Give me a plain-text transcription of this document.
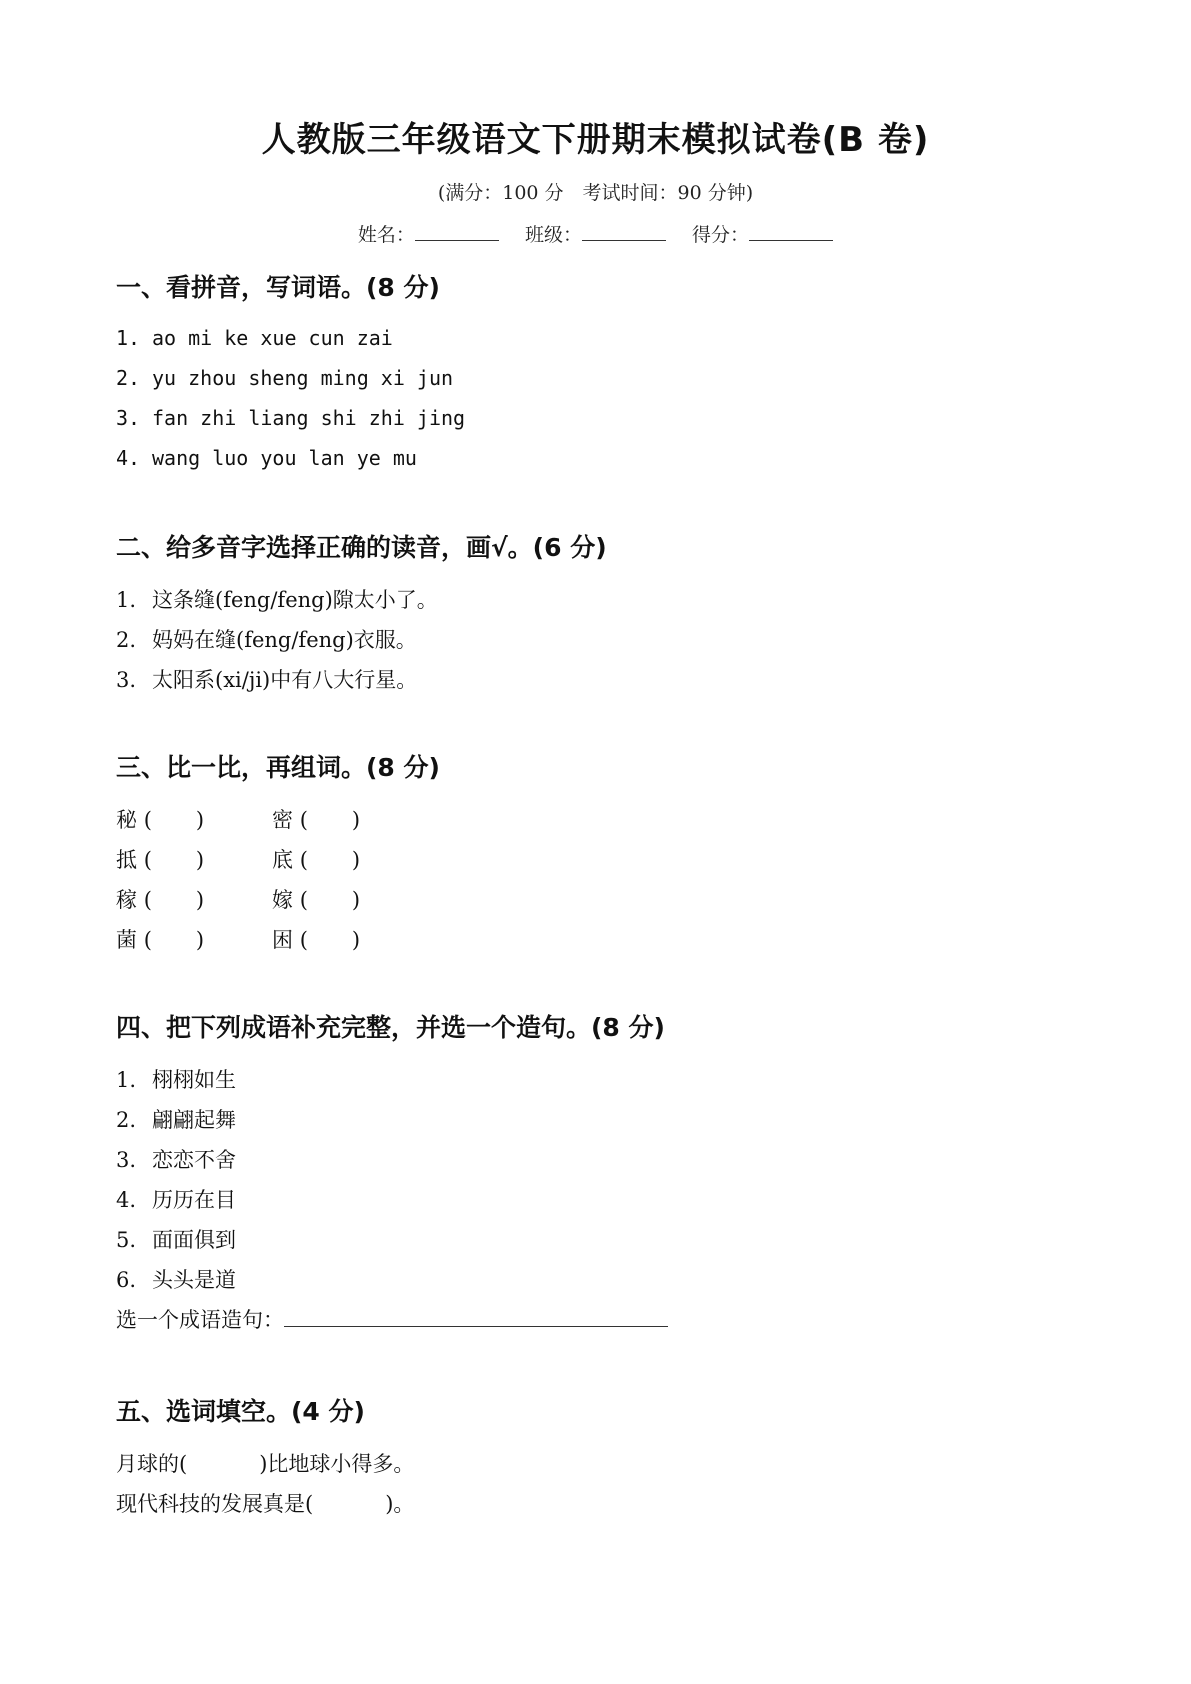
人教版三年级语文下册期末模拟试卷(B 卷)
(满分：100 分　考试时间：90 分钟)
姓名：	班级：	得分：
一、看拼音，写词语。(8 分)
1. ao mi ke xue cun zai
2. yu zhou sheng ming xi jun
3. fan zhi liang shi zhi jing
4. wang luo you lan ye mu
二、给多音字选择正确的读音，画√。(6 分)
1. 这条缝(feng/feng)隙太小了。
2. 妈妈在缝(feng/feng)衣服。
3. 太阳系(xi/ji)中有八大行星。
三、比一比，再组词。(8 分)
秘 ( )	密 ( )
抵 ( )	底 ( )
稼 ( )	嫁 ( )
菌 ( )	困 ( )
四、把下列成语补充完整，并选一个造句。(8 分)
1. 栩栩如生
2. 翩翩起舞
3. 恋恋不舍
4. 历历在目
5. 面面俱到
6. 头头是道
选一个成语造句：
五、选词填空。(4 分)
月球的(	)比地球小得多。
现代科技的发展真是(	)。
